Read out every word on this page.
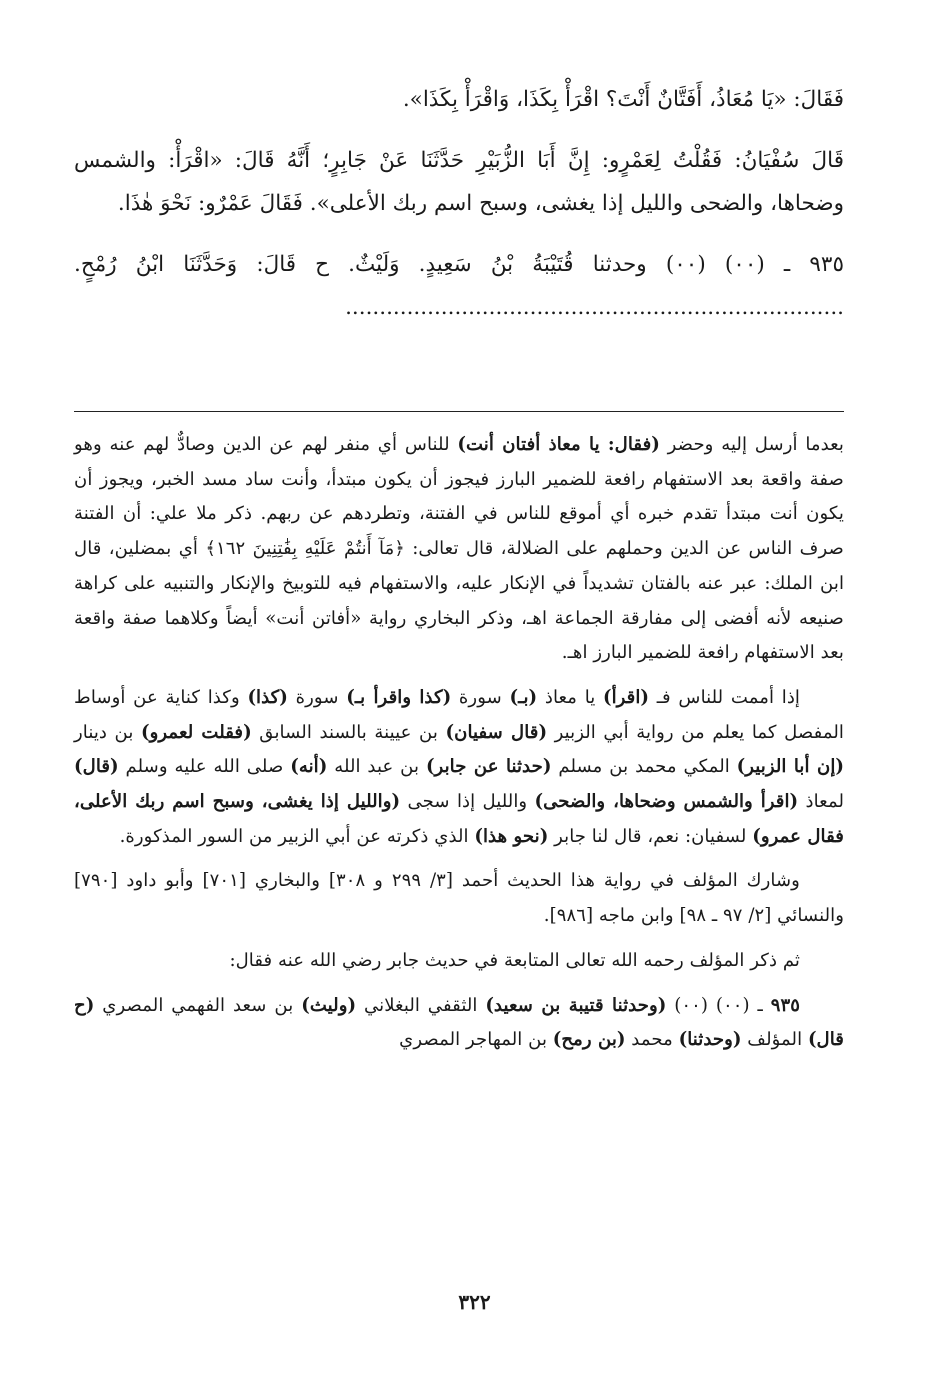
فَقَالَ: «يَا مُعَاذُ، أَفَتَّانٌ أَنْتَ؟ اقْرَأْ بِكَذَا، وَاقْرَأْ بِكَذَا».

قَالَ سُفْيَانُ: فَقُلْتُ لِعَمْرٍو: إِنَّ أَبَا الزُّبَيْرِ حَدَّثَنَا عَنْ جَابِرٍ؛ أَنَّهُ قَالَ: «اقْرَأْ: والشمس وضحاها، والضحى والليل إذا يغشى، وسبح اسم ربك الأعلى». فَقَالَ عَمْرٌو: نَحْوَ هٰذَا.

٩٣٥ ـ (٠٠) (٠٠) وحدثنا قُتَيْبَةُ بْنُ سَعِيدٍ. وَلَيْثٌ. ح قَالَ: وَحَدَّثَنَا ابْنُ رُمْحٍ. .........................................................................

بعدما أرسل إليه وحضر (فقال: يا معاذ أفتان أنت) للناس أي منفر لهم عن الدين وصادٌّ لهم عنه وهو صفة واقعة بعد الاستفهام رافعة للضمير البارز فيجوز أن يكون مبتدأ، وأنت ساد مسد الخبر، ويجوز أن يكون أنت مبتدأ تقدم خبره أي أموقع للناس في الفتنة، وتطردهم عن ربهم. ذكر ملا علي: أن الفتنة صرف الناس عن الدين وحملهم على الضلالة، قال تعالى: ﴿مَآ أَنتُمْ عَلَيْهِ بِفَٰتِنِينَ ١٦٢﴾ أي بمضلين، قال ابن الملك: عبر عنه بالفتان تشديداً في الإنكار عليه، والاستفهام فيه للتوبيخ والإنكار والتنبيه على كراهة صنيعه لأنه أفضى إلى مفارقة الجماعة اهـ، وذكر البخاري رواية «أفاتن أنت» أيضاً وكلاهما صفة واقعة بعد الاستفهام رافعة للضمير البارز اهـ.

إذا أممت للناس فـ (اقرأ) يا معاذ (بـ) سورة (كذا واقرأ بـ) سورة (كذا) وكذا كناية عن أوساط المفصل كما يعلم من رواية أبي الزبير (قال سفيان) بن عيينة بالسند السابق (فقلت لعمرو) بن دينار (إن أبا الزبير) المكي محمد بن مسلم (حدثنا عن جابر) بن عبد الله (أنه) صلى الله عليه وسلم (قال) لمعاذ (اقرأ والشمس وضحاها، والضحى) والليل إذا سجى (والليل إذا يغشى، وسبح اسم ربك الأعلى، فقال عمرو) لسفيان: نعم، قال لنا جابر (نحو هذا) الذي ذكرته عن أبي الزبير من السور المذكورة.

وشارك المؤلف في رواية هذا الحديث أحمد [٣/ ٢٩٩ و ٣٠٨] والبخاري [٧٠١] وأبو داود [٧٩٠] والنسائي [٢/ ٩٧ ـ ٩٨] وابن ماجه [٩٨٦].

ثم ذكر المؤلف رحمه الله تعالى المتابعة في حديث جابر رضي الله عنه فقال:

٩٣٥ ـ (٠٠) (٠٠) (وحدثنا قتيبة بن سعيد) الثقفي البغلاني (وليث) بن سعد الفهمي المصري (ح قال) المؤلف (وحدثنا) محمد (بن رمح) بن المهاجر المصري

٣٢٢
